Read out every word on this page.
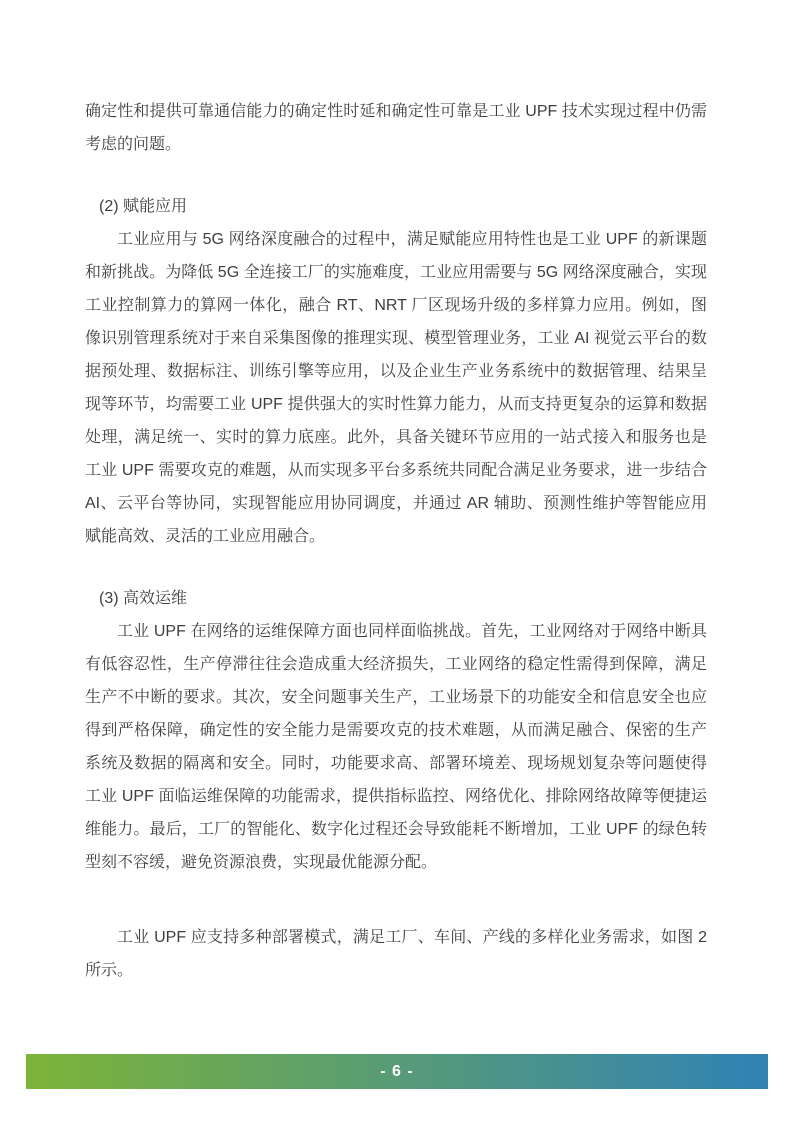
确定性和提供可靠通信能力的确定性时延和确定性可靠是工业 UPF 技术实现过程中仍需考虑的问题。

(2) 赋能应用

工业应用与 5G 网络深度融合的过程中，满足赋能应用特性也是工业 UPF 的新课题和新挑战。为降低 5G 全连接工厂的实施难度，工业应用需要与 5G 网络深度融合，实现工业控制算力的算网一体化，融合 RT、NRT 厂区现场升级的多样算力应用。例如，图像识别管理系统对于来自采集图像的推理实现、模型管理业务，工业 AI 视觉云平台的数据预处理、数据标注、训练引擎等应用，以及企业生产业务系统中的数据管理、结果呈现等环节，均需要工业 UPF 提供强大的实时性算力能力，从而支持更复杂的运算和数据处理，满足统一、实时的算力底座。此外，具备关键环节应用的一站式接入和服务也是工业 UPF 需要攻克的难题，从而实现多平台多系统共同配合满足业务要求，进一步结合 AI、云平台等协同，实现智能应用协同调度，并通过 AR 辅助、预测性维护等智能应用赋能高效、灵活的工业应用融合。

(3) 高效运维

工业 UPF 在网络的运维保障方面也同样面临挑战。首先，工业网络对于网络中断具有低容忍性，生产停滞往往会造成重大经济损失，工业网络的稳定性需得到保障，满足生产不中断的要求。其次，安全问题事关生产，工业场景下的功能安全和信息安全也应得到严格保障，确定性的安全能力是需要攻克的技术难题，从而满足融合、保密的生产系统及数据的隔离和安全。同时，功能要求高、部署环境差、现场规划复杂等问题使得工业 UPF 面临运维保障的功能需求，提供指标监控、网络优化、排除网络故障等便捷运维能力。最后，工厂的智能化、数字化过程还会导致能耗不断增加，工业 UPF 的绿色转型刻不容缓，避免资源浪费，实现最优能源分配。

工业 UPF 应支持多种部署模式，满足工厂、车间、产线的多样化业务需求，如图 2 所示。

- 6 -
